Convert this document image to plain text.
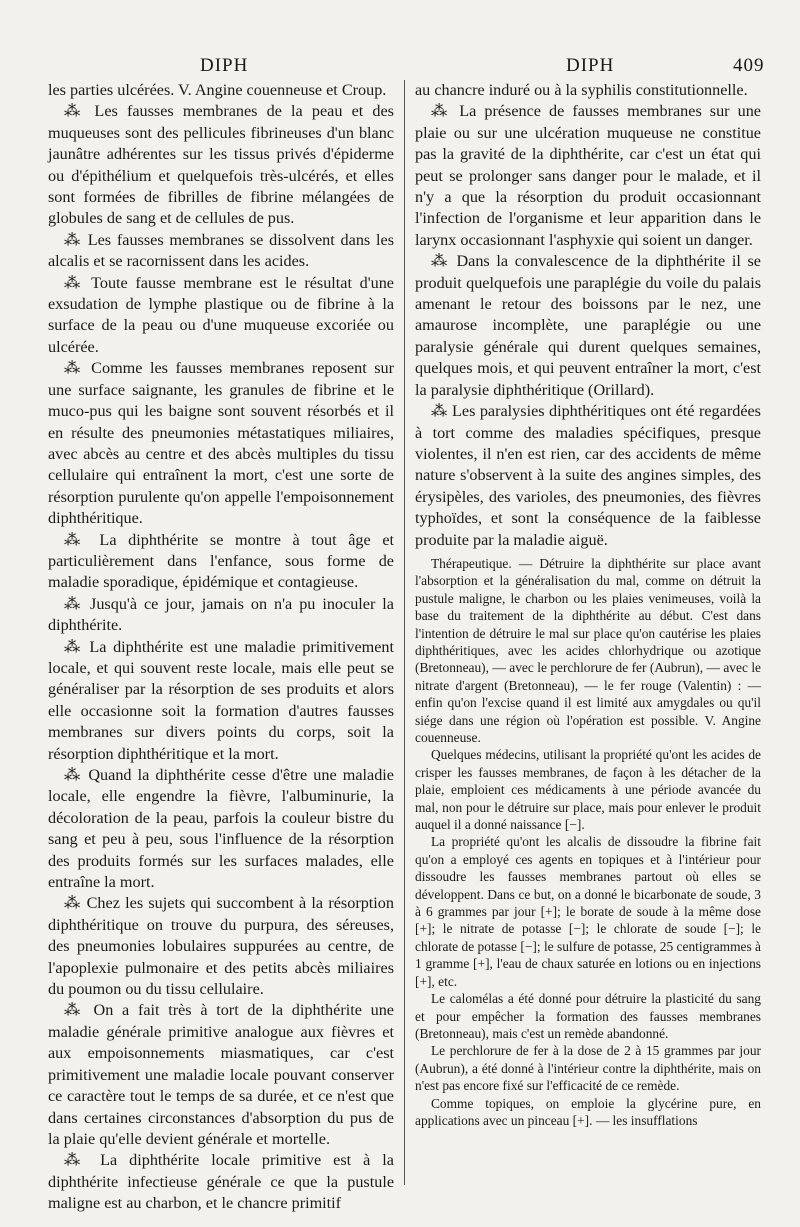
DIPH	DIPH	409

les parties ulcérées. V. Angine couenneuse et Croup.

⁂ Les fausses membranes de la peau et des muqueuses sont des pellicules fibrineuses d'un blanc jaunâtre adhérentes sur les tissus privés d'épiderme ou d'épithélium et quelquefois très-ulcérés, et elles sont formées de fibrilles de fibrine mélangées de globules de sang et de cellules de pus.

⁂ Les fausses membranes se dissolvent dans les alcalis et se racornissent dans les acides.

⁂ Toute fausse membrane est le résultat d'une exsudation de lymphe plastique ou de fibrine à la surface de la peau ou d'une muqueuse excoriée ou ulcérée.

⁂ Comme les fausses membranes reposent sur une surface saignante, les granules de fibrine et le muco-pus qui les baigne sont souvent résorbés et il en résulte des pneumonies métastatiques miliaires, avec abcès au centre et des abcès multiples du tissu cellulaire qui entraînent la mort, c'est une sorte de résorption purulente qu'on appelle l'empoisonnement diphthéritique.

⁂ La diphthérite se montre à tout âge et particulièrement dans l'enfance, sous forme de maladie sporadique, épidémique et contagieuse.

⁂ Jusqu'à ce jour, jamais on n'a pu inoculer la diphthérite.

⁂ La diphthérite est une maladie primitivement locale, et qui souvent reste locale, mais elle peut se généraliser par la résorption de ses produits et alors elle occasionne soit la formation d'autres fausses membranes sur divers points du corps, soit la résorption diphthéritique et la mort.

⁂ Quand la diphthérite cesse d'être une maladie locale, elle engendre la fièvre, l'albuminurie, la décoloration de la peau, parfois la couleur bistre du sang et peu à peu, sous l'influence de la résorption des produits formés sur les surfaces malades, elle entraîne la mort.

⁂ Chez les sujets qui succombent à la résorption diphthéritique on trouve du purpura, des séreuses, des pneumonies lobulaires suppurées au centre, de l'apoplexie pulmonaire et des petits abcès miliaires du poumon ou du tissu cellulaire.

⁂ On a fait très à tort de la diphthérite une maladie générale primitive analogue aux fièvres et aux empoisonnements miasmatiques, car c'est primitivement une maladie locale pouvant conserver ce caractère tout le temps de sa durée, et ce n'est que dans certaines circonstances d'absorption du pus de la plaie qu'elle devient générale et mortelle.

⁂ La diphthérite locale primitive est à la diphthérite infectieuse générale ce que la pustule maligne est au charbon, et le chancre primitif

au chancre induré ou à la syphilis constitutionnelle.

⁂ La présence de fausses membranes sur une plaie ou sur une ulcération muqueuse ne constitue pas la gravité de la diphthérite, car c'est un état qui peut se prolonger sans danger pour le malade, et il n'y a que la résorption du produit occasionnant l'infection de l'organisme et leur apparition dans le larynx occasionnant l'asphyxie qui soient un danger.

⁂ Dans la convalescence de la diphthérite il se produit quelquefois une paraplégie du voile du palais amenant le retour des boissons par le nez, une amaurose incomplète, une paraplégie ou une paralysie générale qui durent quelques semaines, quelques mois, et qui peuvent entraîner la mort, c'est la paralysie diphthéritique (Orillard).

⁂ Les paralysies diphthéritiques ont été regardées à tort comme des maladies spécifiques, presque violentes, il n'en est rien, car des accidents de même nature s'observent à la suite des angines simples, des érysipèles, des varioles, des pneumonies, des fièvres typhoïdes, et sont la conséquence de la faiblesse produite par la maladie aiguë.

Thérapeutique. — Détruire la diphthérite sur place avant l'absorption et la généralisation du mal, comme on détruit la pustule maligne, le charbon ou les plaies venimeuses, voilà la base du traitement de la diphthérite au début. C'est dans l'intention de détruire le mal sur place qu'on cautérise les plaies diphthéritiques, avec les acides chlorhydrique ou azotique (Bretonneau), — avec le perchlorure de fer (Aubrun), — avec le nitrate d'argent (Bretonneau), — le fer rouge (Valentin) : — enfin qu'on l'excise quand il est limité aux amygdales ou qu'il siége dans une région où l'opération est possible. V. Angine couenneuse.

Quelques médecins, utilisant la propriété qu'ont les acides de crisper les fausses membranes, de façon à les détacher de la plaie, emploient ces médicaments à une période avancée du mal, non pour le détruire sur place, mais pour enlever le produit auquel il a donné naissance [−].

La propriété qu'ont les alcalis de dissoudre la fibrine fait qu'on a employé ces agents en topiques et à l'intérieur pour dissoudre les fausses membranes partout où elles se développent. Dans ce but, on a donné le bicarbonate de soude, 3 à 6 grammes par jour [+]; le borate de soude à la même dose [+]; le nitrate de potasse [−]; le chlorate de soude [−]; le chlorate de potasse [−]; le sulfure de potasse, 25 centigrammes à 1 gramme [+], l'eau de chaux saturée en lotions ou en injections [+], etc.

Le calomélas a été donné pour détruire la plasticité du sang et pour empêcher la formation des fausses membranes (Bretonneau), mais c'est un remède abandonné.

Le perchlorure de fer à la dose de 2 à 15 grammes par jour (Aubrun), a été donné à l'intérieur contre la diphthérite, mais on n'est pas encore fixé sur l'efficacité de ce remède.

Comme topiques, on emploie la glycérine pure, en applications avec un pinceau [+]. — les insufflations
